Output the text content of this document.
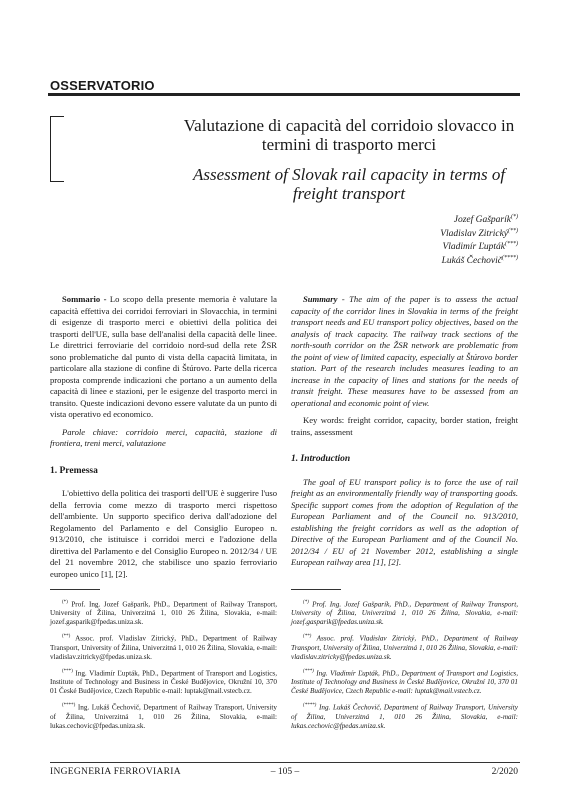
OSSERVATORIO
Valutazione di capacità del corridoio slovacco in termini di trasporto merci
Assessment of Slovak rail capacity in terms of freight transport
Jozef Gašparík(*)
Vladislav Zitrický(**)
Vladimír Ľupták(***)
Lukáš Čechovič(****)

Sommario - Lo scopo della presente memoria è valutare la capacità effettiva dei corridoi ferroviari in Slovacchia, in termini di esigenze di trasporto merci e obiettivi della politica dei trasporti dell'UE, sulla base dell'analisi della capacità delle linee. Le direttrici ferroviarie del corridoio nord-sud della rete ŽSR sono problematiche dal punto di vista della capacità limitata, in particolare alla stazione di confine di Štúrovo. Parte della ricerca proposta comprende indicazioni che portano a un aumento della capacità di linee e stazioni, per le esigenze del trasporto merci in transito. Queste indicazioni devono essere valutate da un punto di vista operativo ed economico.

Parole chiave: corridoio merci, capacità, stazione di frontiera, treni merci, valutazione

1. Premessa

L'obiettivo della politica dei trasporti dell'UE è suggerire l'uso della ferrovia come mezzo di trasporto merci rispettoso dell'ambiente. Un supporto specifico deriva dall'adozione del Regolamento del Parlamento e del Consiglio Europeo n. 913/2010, che istituisce i corridoi merci e l'adozione della direttiva del Parlamento e del Consiglio Europeo n. 2012/34 / UE del 21 novembre 2012, che stabilisce uno spazio ferroviario europeo unico [1], [2].

Summary - The aim of the paper is to assess the actual capacity of the corridor lines in Slovakia in terms of the freight transport needs and EU transport policy objectives, based on the analysis of track capacity. The railway track sections of the north-south corridor on the ŽSR network are problematic from the point of view of limited capacity, especially at Štúrovo border station. Part of the research includes measures leading to an increase in the capacity of lines and stations for the needs of transit freight. These measures have to be assessed from an operational and economic point of view.

Key words: freight corridor, capacity, border station, freight trains, assessment

1. Introduction

The goal of EU transport policy is to force the use of rail freight as an environmentally friendly way of transporting goods. Specific support comes from the adoption of Regulation of the European Parliament and of the Council no. 913/2010, establishing the freight corridors as well as the adoption of Directive of the European Parliament and of the Council No. 2012/34 / EU of 21 November 2012, establishing a single European railway area [1], [2].

(*) Prof. Ing. Jozef Gašparík, PhD., Department of Railway Transport, University of Žilina, Univerzitná 1, 010 26 Žilina, Slovakia, e-mail: jozef.gasparik@fpedas.uniza.sk.

(**) Assoc. prof. Vladislav Zitrický, PhD., Department of Railway Transport, University of Žilina, Univerzitná 1, 010 26 Žilina, Slovakia, e-mail: vladislav.zitricky@fpedas.uniza.sk.

(***) Ing. Vladimír Ľupták, PhD., Department of Transport and Logistics, Institute of Technology and Business in České Budějovice, Okružní 10, 370 01 České Budějovice, Czech Republic e-mail: luptak@mail.vstecb.cz.

(****) Ing. Lukáš Čechovič, Department of Railway Transport, University of Žilina, Univerzitná 1, 010 26 Žilina, Slovakia, e-mail: lukas.cechovic@fpedas.uniza.sk.

(*) Prof. Ing. Jozef Gašparík, PhD., Department of Railway Transport, University of Žilina, Univerzitná 1, 010 26 Žilina, Slovakia, e-mail: jozef.gasparik@fpedas.uniza.sk.

(**) Assoc. prof. Vladislav Zitrický, PhD., Department of Railway Transport, University of Žilina, Univerzitná 1, 010 26 Žilina, Slovakia, e-mail: vladislav.zitricky@fpedas.uniza.sk.

(***) Ing. Vladimír Ľupták, PhD., Department of Transport and Logistics, Institute of Technology and Business in České Budějovice, Okružní 10, 370 01 České Budějovice, Czech Republic e-mail: luptak@mail.vstecb.cz.

(****) Ing. Lukáš Čechovič, Department of Railway Transport, University of Žilina, Univerzitná 1, 010 26 Žilina, Slovakia, e-mail: lukas.cechovic@fpedas.uniza.sk.

INGEGNERIA FERROVIARIA	– 105 –	2/2020
